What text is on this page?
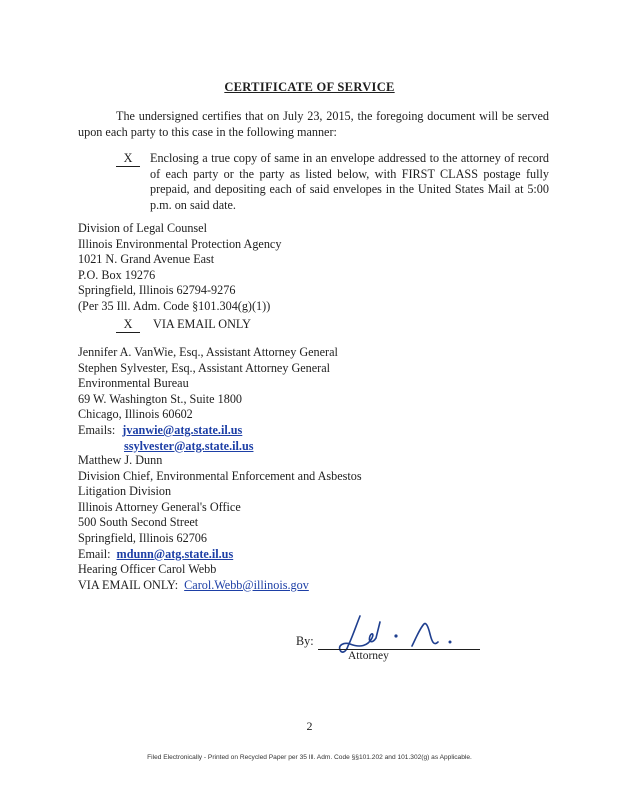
CERTIFICATE OF SERVICE
The undersigned certifies that on July 23, 2015, the foregoing document will be served upon each party to this case in the following manner:
X	Enclosing a true copy of same in an envelope addressed to the attorney of record of each party or the party as listed below, with FIRST CLASS postage fully prepaid, and depositing each of said envelopes in the United States Mail at 5:00 p.m. on said date.
Division of Legal Counsel
Illinois Environmental Protection Agency
1021 N. Grand Avenue East
P.O. Box 19276
Springfield, Illinois 62794-9276
(Per 35 Ill. Adm. Code §101.304(g)(1))
X VIA EMAIL ONLY
Jennifer A. VanWie, Esq., Assistant Attorney General
Stephen Sylvester, Esq., Assistant Attorney General
Environmental Bureau
69 W. Washington St., Suite 1800
Chicago, Illinois 60602
Emails: jvanwie@atg.state.il.us
ssylvester@atg.state.il.us
Matthew J. Dunn
Division Chief, Environmental Enforcement and Asbestos
Litigation Division
Illinois Attorney General's Office
500 South Second Street
Springfield, Illinois 62706
Email: mdunn@atg.state.il.us
Hearing Officer Carol Webb
VIA EMAIL ONLY: Carol.Webb@illinois.gov
By:
Attorney
2
Filed Electronically - Printed on Recycled Paper per 35 Ill. Adm. Code §§101.202 and 101.302(g) as Applicable.
